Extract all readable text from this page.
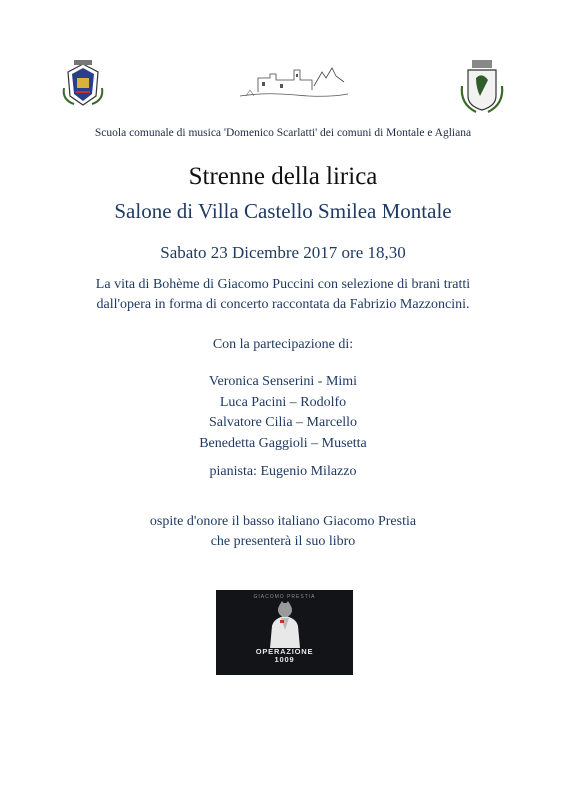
Scuola comunale di musica 'Domenico Scarlatti' dei comuni di Montale e Agliana
Strenne della lirica
Salone di Villa Castello Smilea Montale
Sabato 23 Dicembre 2017 ore 18,30
La vita di Bohème di Giacomo Puccini con selezione di brani tratti
dall'opera in forma di concerto raccontata da Fabrizio Mazzoncini.
Con la partecipazione di:
Veronica Senserini - Mimi
Luca Pacini – Rodolfo
Salvatore Cilia – Marcello
Benedetta Gaggioli – Musetta
pianista: Eugenio Milazzo
ospite d'onore il basso italiano Giacomo Prestia
che presenterà il suo libro
GIACOMO PRESTIA
OPERAZIONE
1009
